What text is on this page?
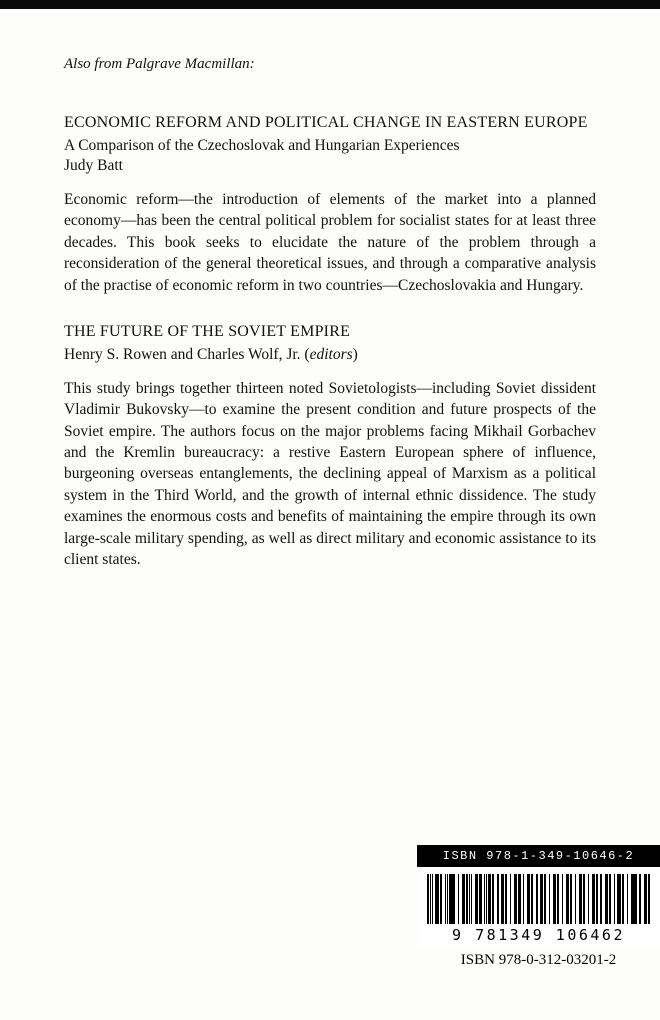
Also from Palgrave Macmillan:

ECONOMIC REFORM AND POLITICAL CHANGE IN EASTERN EUROPE

A Comparison of the Czechoslovak and Hungarian Experiences

Judy Batt

Economic reform—the introduction of elements of the market into a planned economy—has been the central political problem for socialist states for at least three decades. This book seeks to elucidate the nature of the problem through a reconsideration of the general theoretical issues, and through a comparative analysis of the practise of economic reform in two countries—Czechoslovakia and Hungary.

THE FUTURE OF THE SOVIET EMPIRE

Henry S. Rowen and Charles Wolf, Jr. (editors)

This study brings together thirteen noted Sovietologists—including Soviet dissident Vladimir Bukovsky—to examine the present condition and future prospects of the Soviet empire. The authors focus on the major problems facing Mikhail Gorbachev and the Kremlin bureaucracy: a restive Eastern European sphere of influence, burgeoning overseas entanglements, the declining appeal of Marxism as a political system in the Third World, and the growth of internal ethnic dissidence. The study examines the enormous costs and benefits of maintaining the empire through its own large-scale military spending, as well as direct military and economic assistance to its client states.

ISBN 978-1-349-10646-2
9 781349 106462
ISBN 978-0-312-03201-2
